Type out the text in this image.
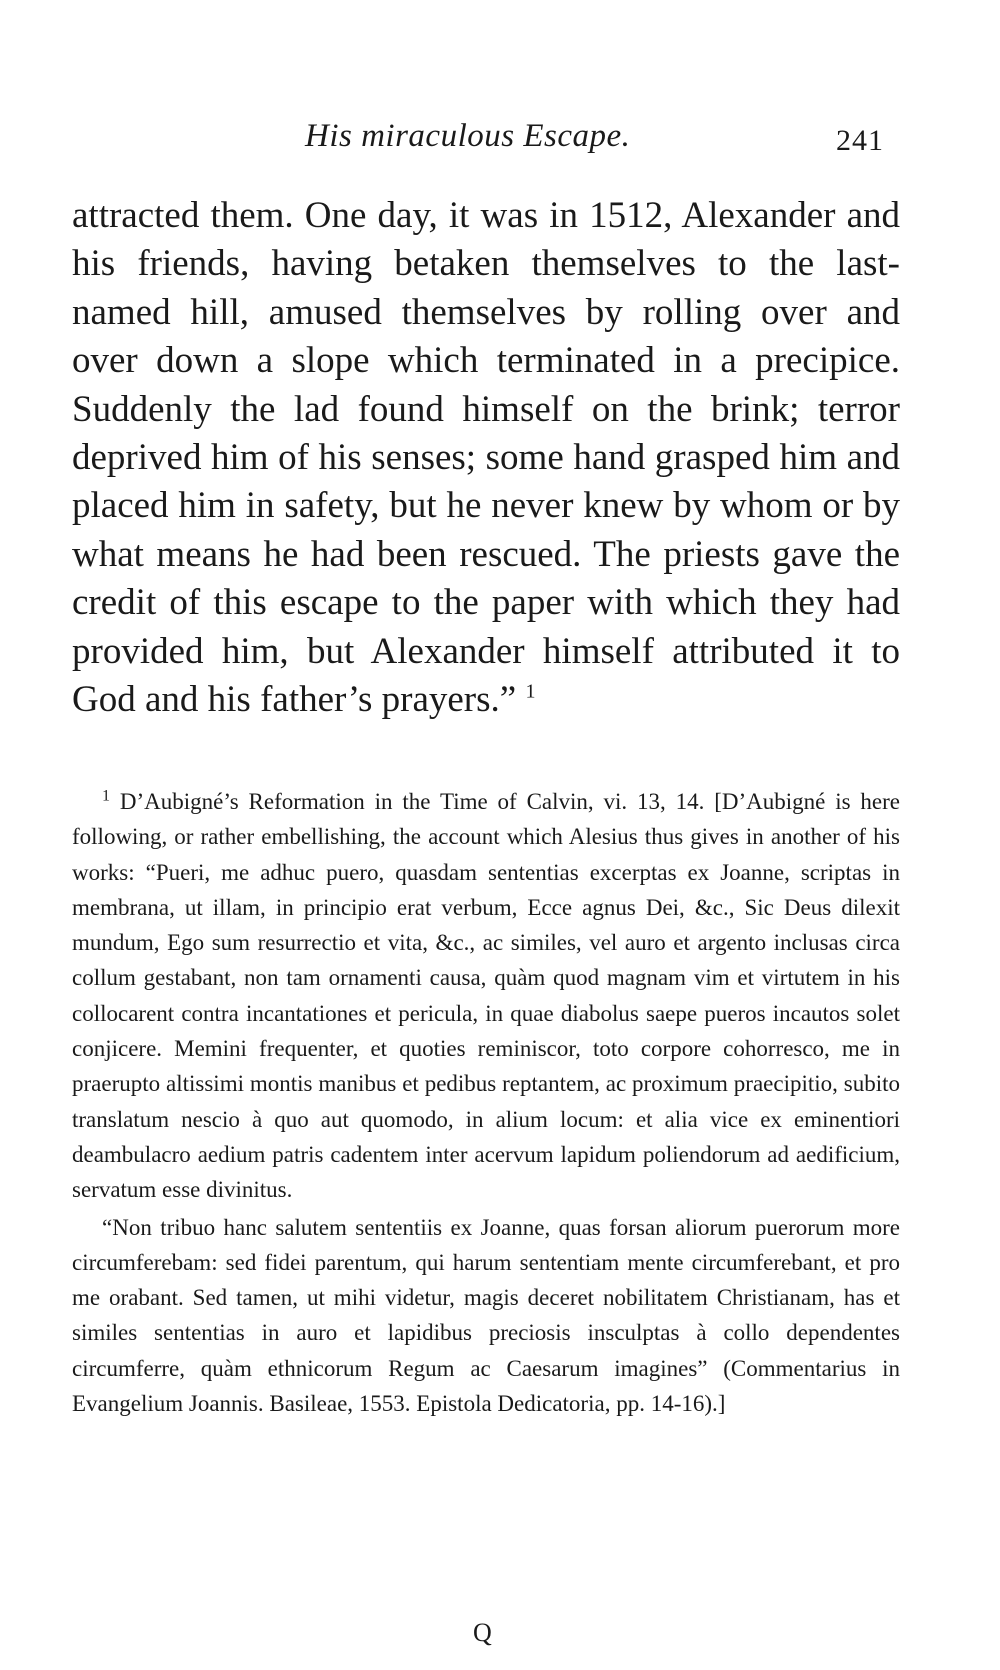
His miraculous Escape.	241

attracted them. One day, it was in 1512, Alexander and his friends, having betaken themselves to the last-named hill, amused themselves by rolling over and over down a slope which terminated in a precipice. Suddenly the lad found himself on the brink; terror deprived him of his senses; some hand grasped him and placed him in safety, but he never knew by whom or by what means he had been rescued. The priests gave the credit of this escape to the paper with which they had provided him, but Alexander himself attributed it to God and his father’s prayers.” $^1$

$^1$ D’Aubigné’s Reformation in the Time of Calvin, vi. 13, 14. [D’Aubigné is here following, or rather embellishing, the account which Alesius thus gives in another of his works: “Pueri, me adhuc puero, quasdam sententias excerptas ex Joanne, scriptas in membrana, ut illam, in principio erat verbum, Ecce agnus Dei, &c., Sic Deus dilexit mundum, Ego sum resurrectio et vita, &c., ac similes, vel auro et argento inclusas circa collum gestabant, non tam ornamenti causa, quàm quod magnam vim et virtutem in his collocarent contra incantationes et pericula, in quae diabolus saepe pueros incautos solet conjicere. Memini frequenter, et quoties reminiscor, toto corpore cohorresco, me in praerupto altissimi montis manibus et pedibus reptantem, ac proximum praecipitio, subito translatum nescio à quo aut quomodo, in alium locum: et alia vice ex eminentiori deambulacro aedium patris cadentem inter acervum lapidum poliendorum ad aedificium, servatum esse divinitus.

“Non tribuo hanc salutem sententiis ex Joanne, quas forsan aliorum puerorum more circumferebam: sed fidei parentum, qui harum sententiam mente circumferebant, et pro me orabant. Sed tamen, ut mihi videtur, magis deceret nobilitatem Christianam, has et similes sententias in auro et lapidibus preciosis insculptas à collo dependentes circumferre, quàm ethnicorum Regum ac Caesarum imagines” (Commentarius in Evangelium Joannis. Basileae, 1553. Epistola Dedicatoria, pp. 14-16).]

Q
